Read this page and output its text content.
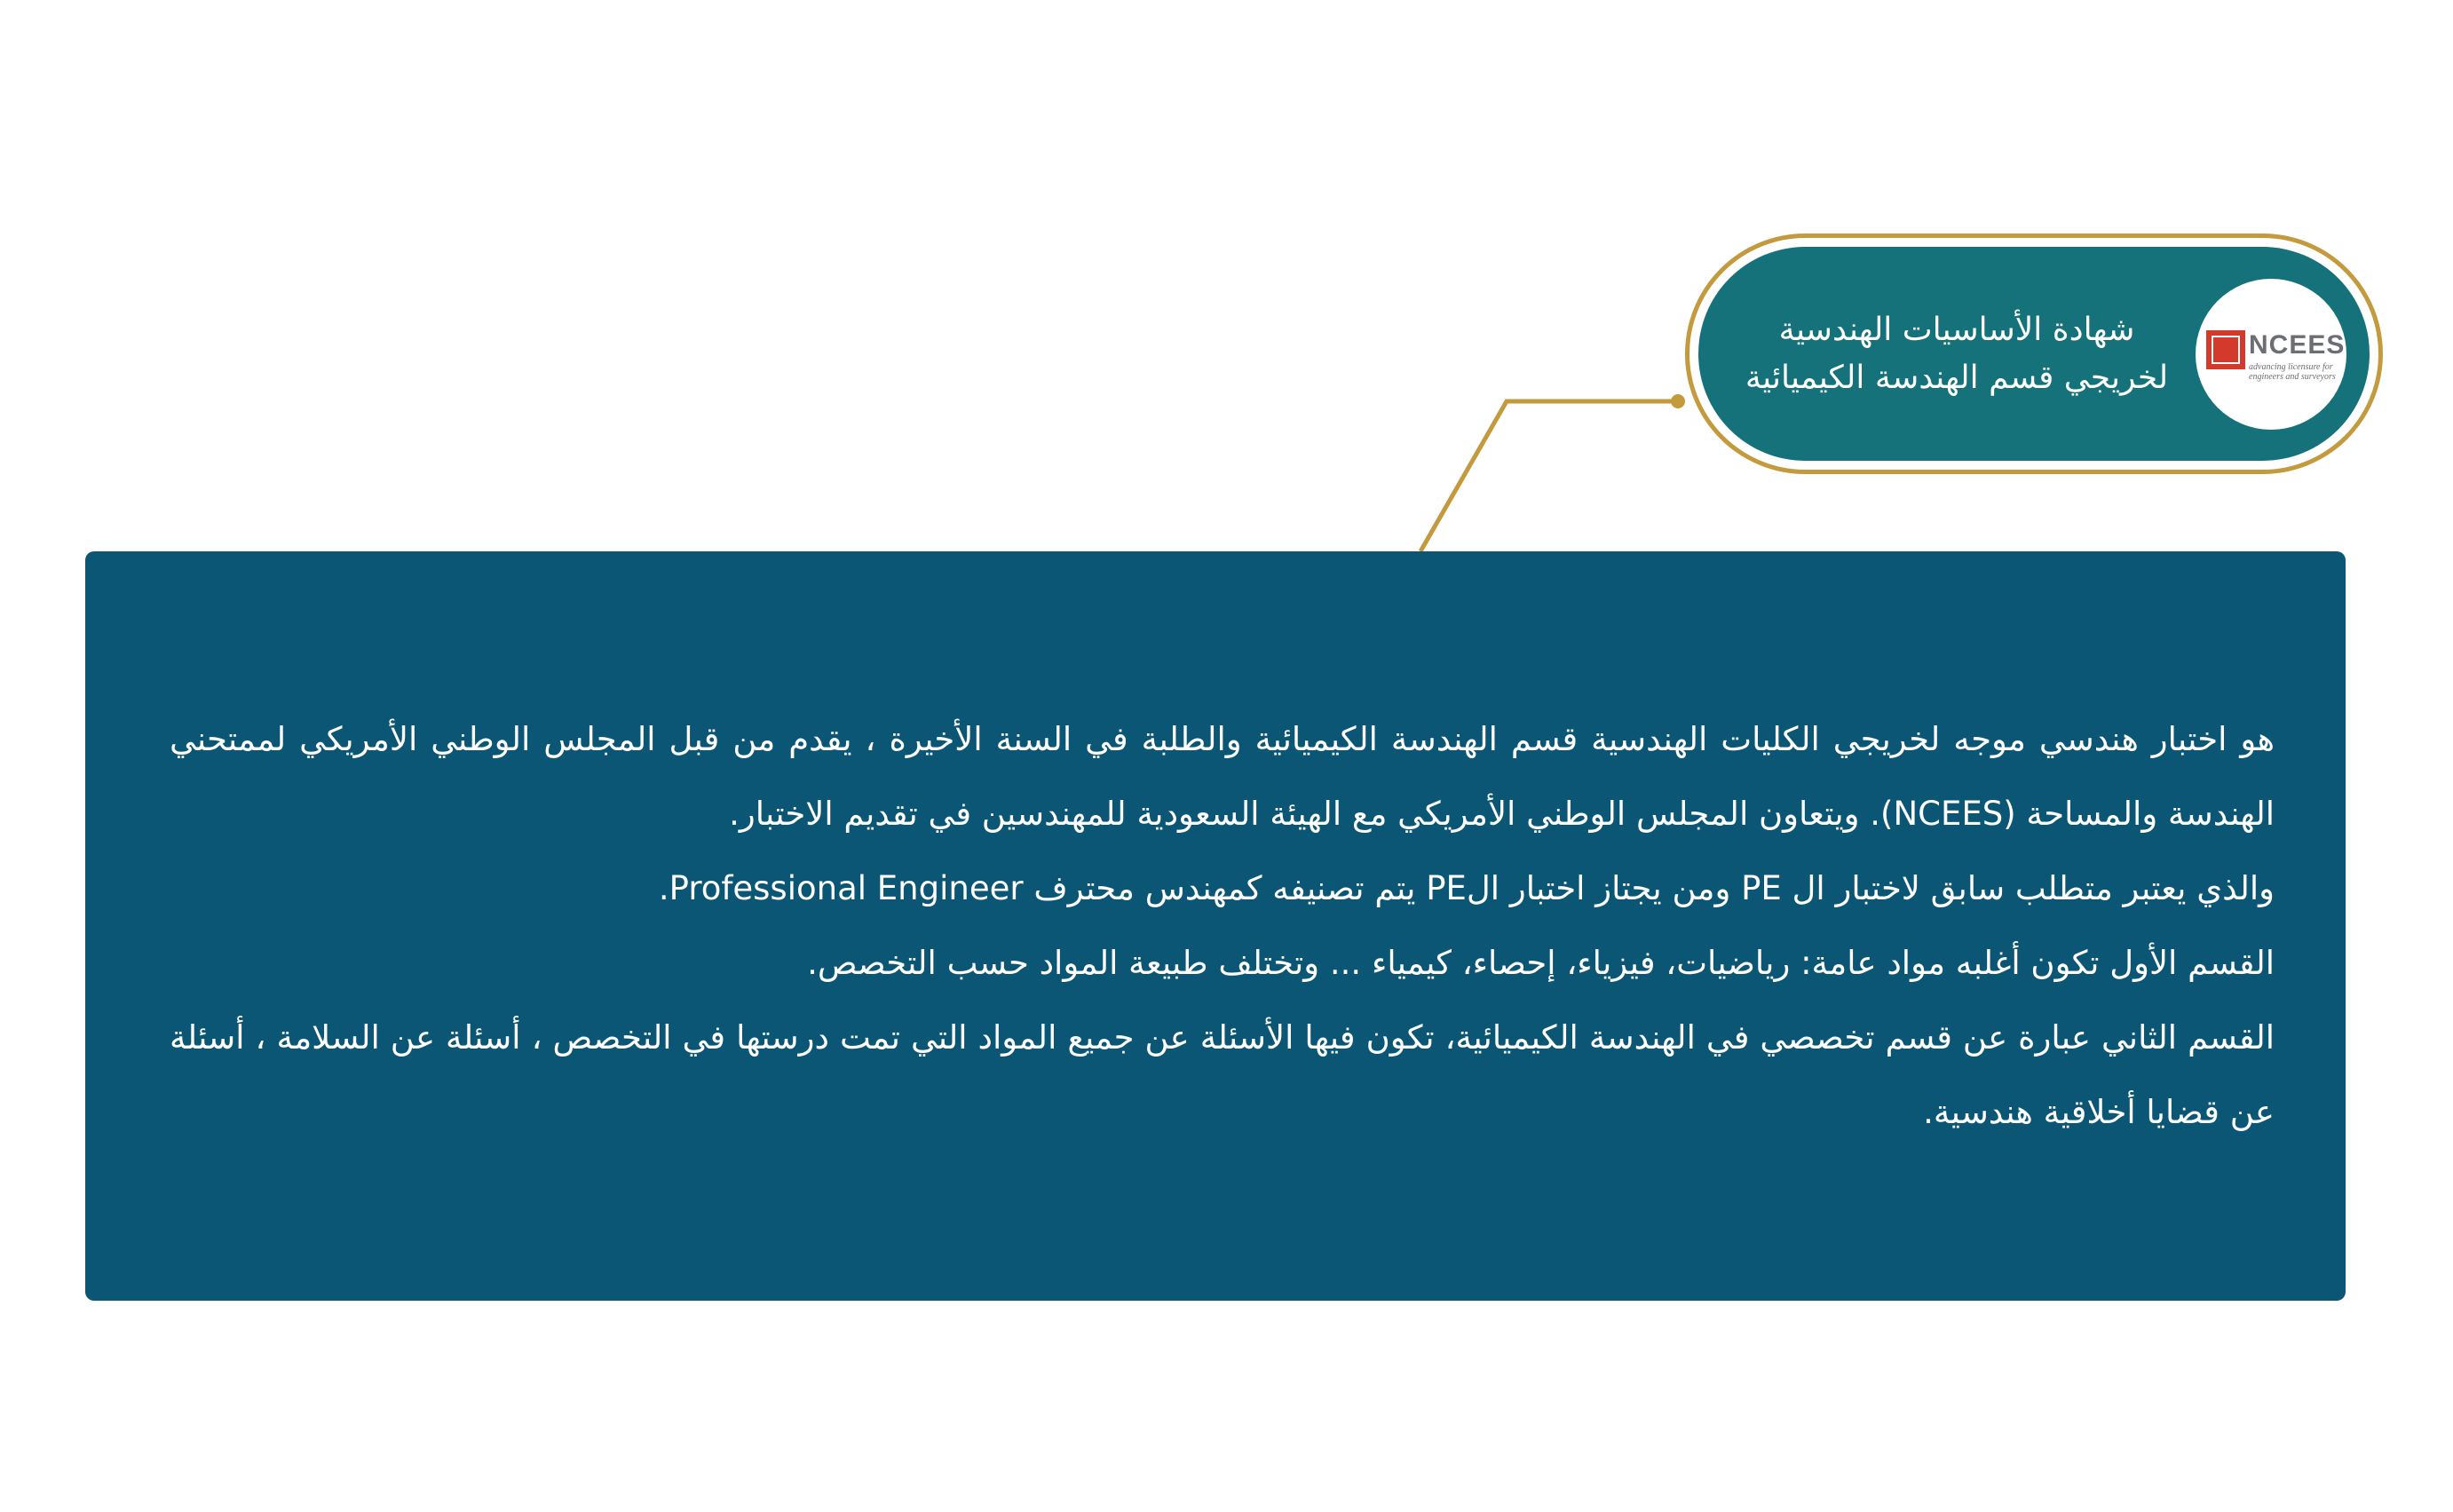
NCEES
advancing licensure for engineers and surveyors
شهادة الأساسيات الهندسية
لخريجي قسم الهندسة الكيميائية

هو اختبار هندسي موجه لخريجي الكليات الهندسية قسم الهندسة الكيميائية والطلبة في السنة الأخيرة ، يقدم من قبل المجلس الوطني الأمريكي لممتحني الهندسة والمساحة (NCEES). ويتعاون المجلس الوطني الأمريكي مع الهيئة السعودية للمهندسين في تقديم الاختبار.

والذي يعتبر متطلب سابق لاختبار ال PE ومن يجتاز اختبار الPE يتم تصنيفه كمهندس محترف Professional Engineer.

القسم الأول تكون أغلبه مواد عامة: رياضيات، فيزياء، إحصاء، كيمياء ... وتختلف طبيعة المواد حسب التخصص.

القسم الثاني عبارة عن قسم تخصصي في الهندسة الكيميائية، تكون فيها الأسئلة عن جميع المواد التي تمت درستها في التخصص ، أسئلة عن السلامة ، أسئلة عن قضايا أخلاقية هندسية.
